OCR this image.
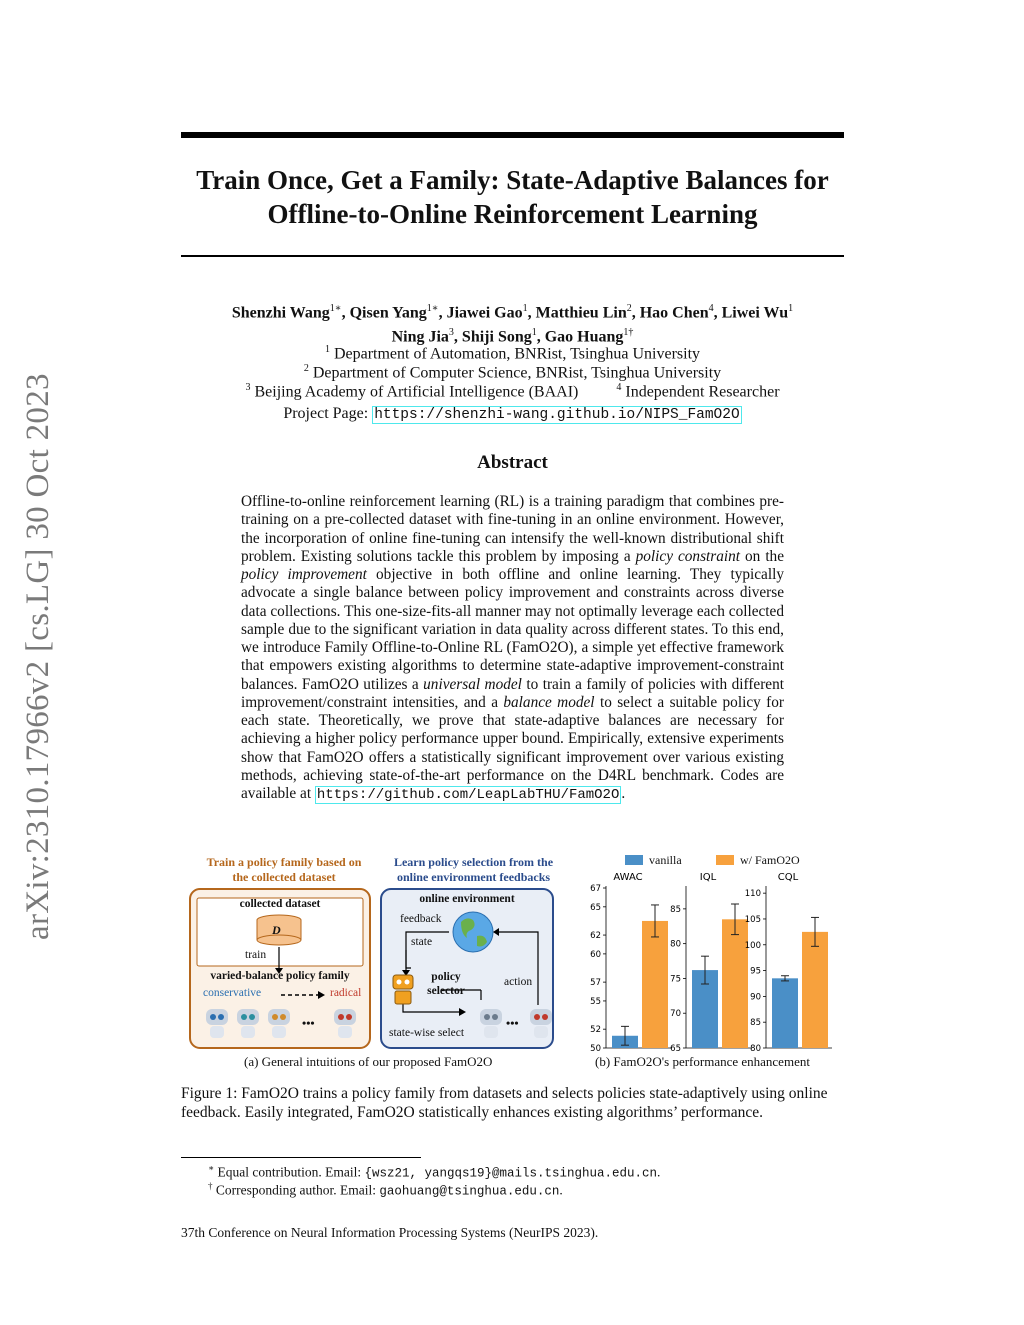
arXiv:2310.17966v2 [cs.LG] 30 Oct 2023
Train Once, Get a Family: State-Adaptive Balances for
Offline-to-Online Reinforcement Learning
Shenzhi Wang$^{1∗}$, Qisen Yang$^{1∗}$, Jiawei Gao$^1$, Matthieu Lin$^2$, Hao Chen$^4$, Liwei Wu$^1$
Ning Jia$^3$, Shiji Song$^1$, Gao Huang$^{1\dagger}$
$^1$ Department of Automation, BNRist, Tsinghua University
$^2$ Department of Computer Science, BNRist, Tsinghua University
$^3$ Beijing Academy of Artificial Intelligence (BAAI)	$^4$ Independent Researcher
Project Page: https://shenzhi-wang.github.io/NIPS_FamO2O
Abstract

Offline-to-online reinforcement learning (RL) is a training paradigm that combines pre-training on a pre-collected dataset with fine-tuning in an online environment. However, the incorporation of online fine-tuning can intensify the well-known distributional shift problem. Existing solutions tackle this problem by imposing a policy constraint on the policy improvement objective in both offline and online learning. They typically advocate a single balance between policy improvement and constraints across diverse data collections. This one-size-fits-all manner may not optimally leverage each collected sample due to the significant variation in data quality across different states. To this end, we introduce Family Offline-to-Online RL (FamO2O), a simple yet effective framework that empowers existing algorithms to determine state-adaptive improvement-constraint balances. FamO2O utilizes a universal model to train a family of policies with different improvement/constraint intensities, and a balance model to select a suitable policy for each state. Theoretically, we prove that state-adaptive balances are necessary for achieving a higher policy performance upper bound. Empirically, extensive experiments show that FamO2O offers a statistically significant improvement over various existing methods, achieving state-of-the-art performance on the D4RL benchmark. Codes are available at https://github.com/LeapLabTHU/FamO2O .

Train a policy family based on the collected dataset
Learn policy selection from the online environment feedbacks	AWAC
50
52
55
57
60
62
65
67
IQL
65
70
75
80
85
CQL
80
85
90
95
100
105
110
collected dataset
D
train
varied-balance policy family
conservative	radical
•••
online environment
feedback
state
policy selector
action
•••
state-wise select
vanilla	w/ FamO2O
(a) General intuitions of our proposed FamO2O	(b) FamO2O's performance enhancement
Figure 1: FamO2O trains a policy family from datasets and selects policies state-adaptively using online feedback. Easily integrated, FamO2O statistically enhances existing algorithms’ performance.
∗ Equal contribution. Email: {wsz21, yangqs19}@mails.tsinghua.edu.cn.
† Corresponding author. Email: gaohuang@tsinghua.edu.cn.
37th Conference on Neural Information Processing Systems (NeurIPS 2023).
